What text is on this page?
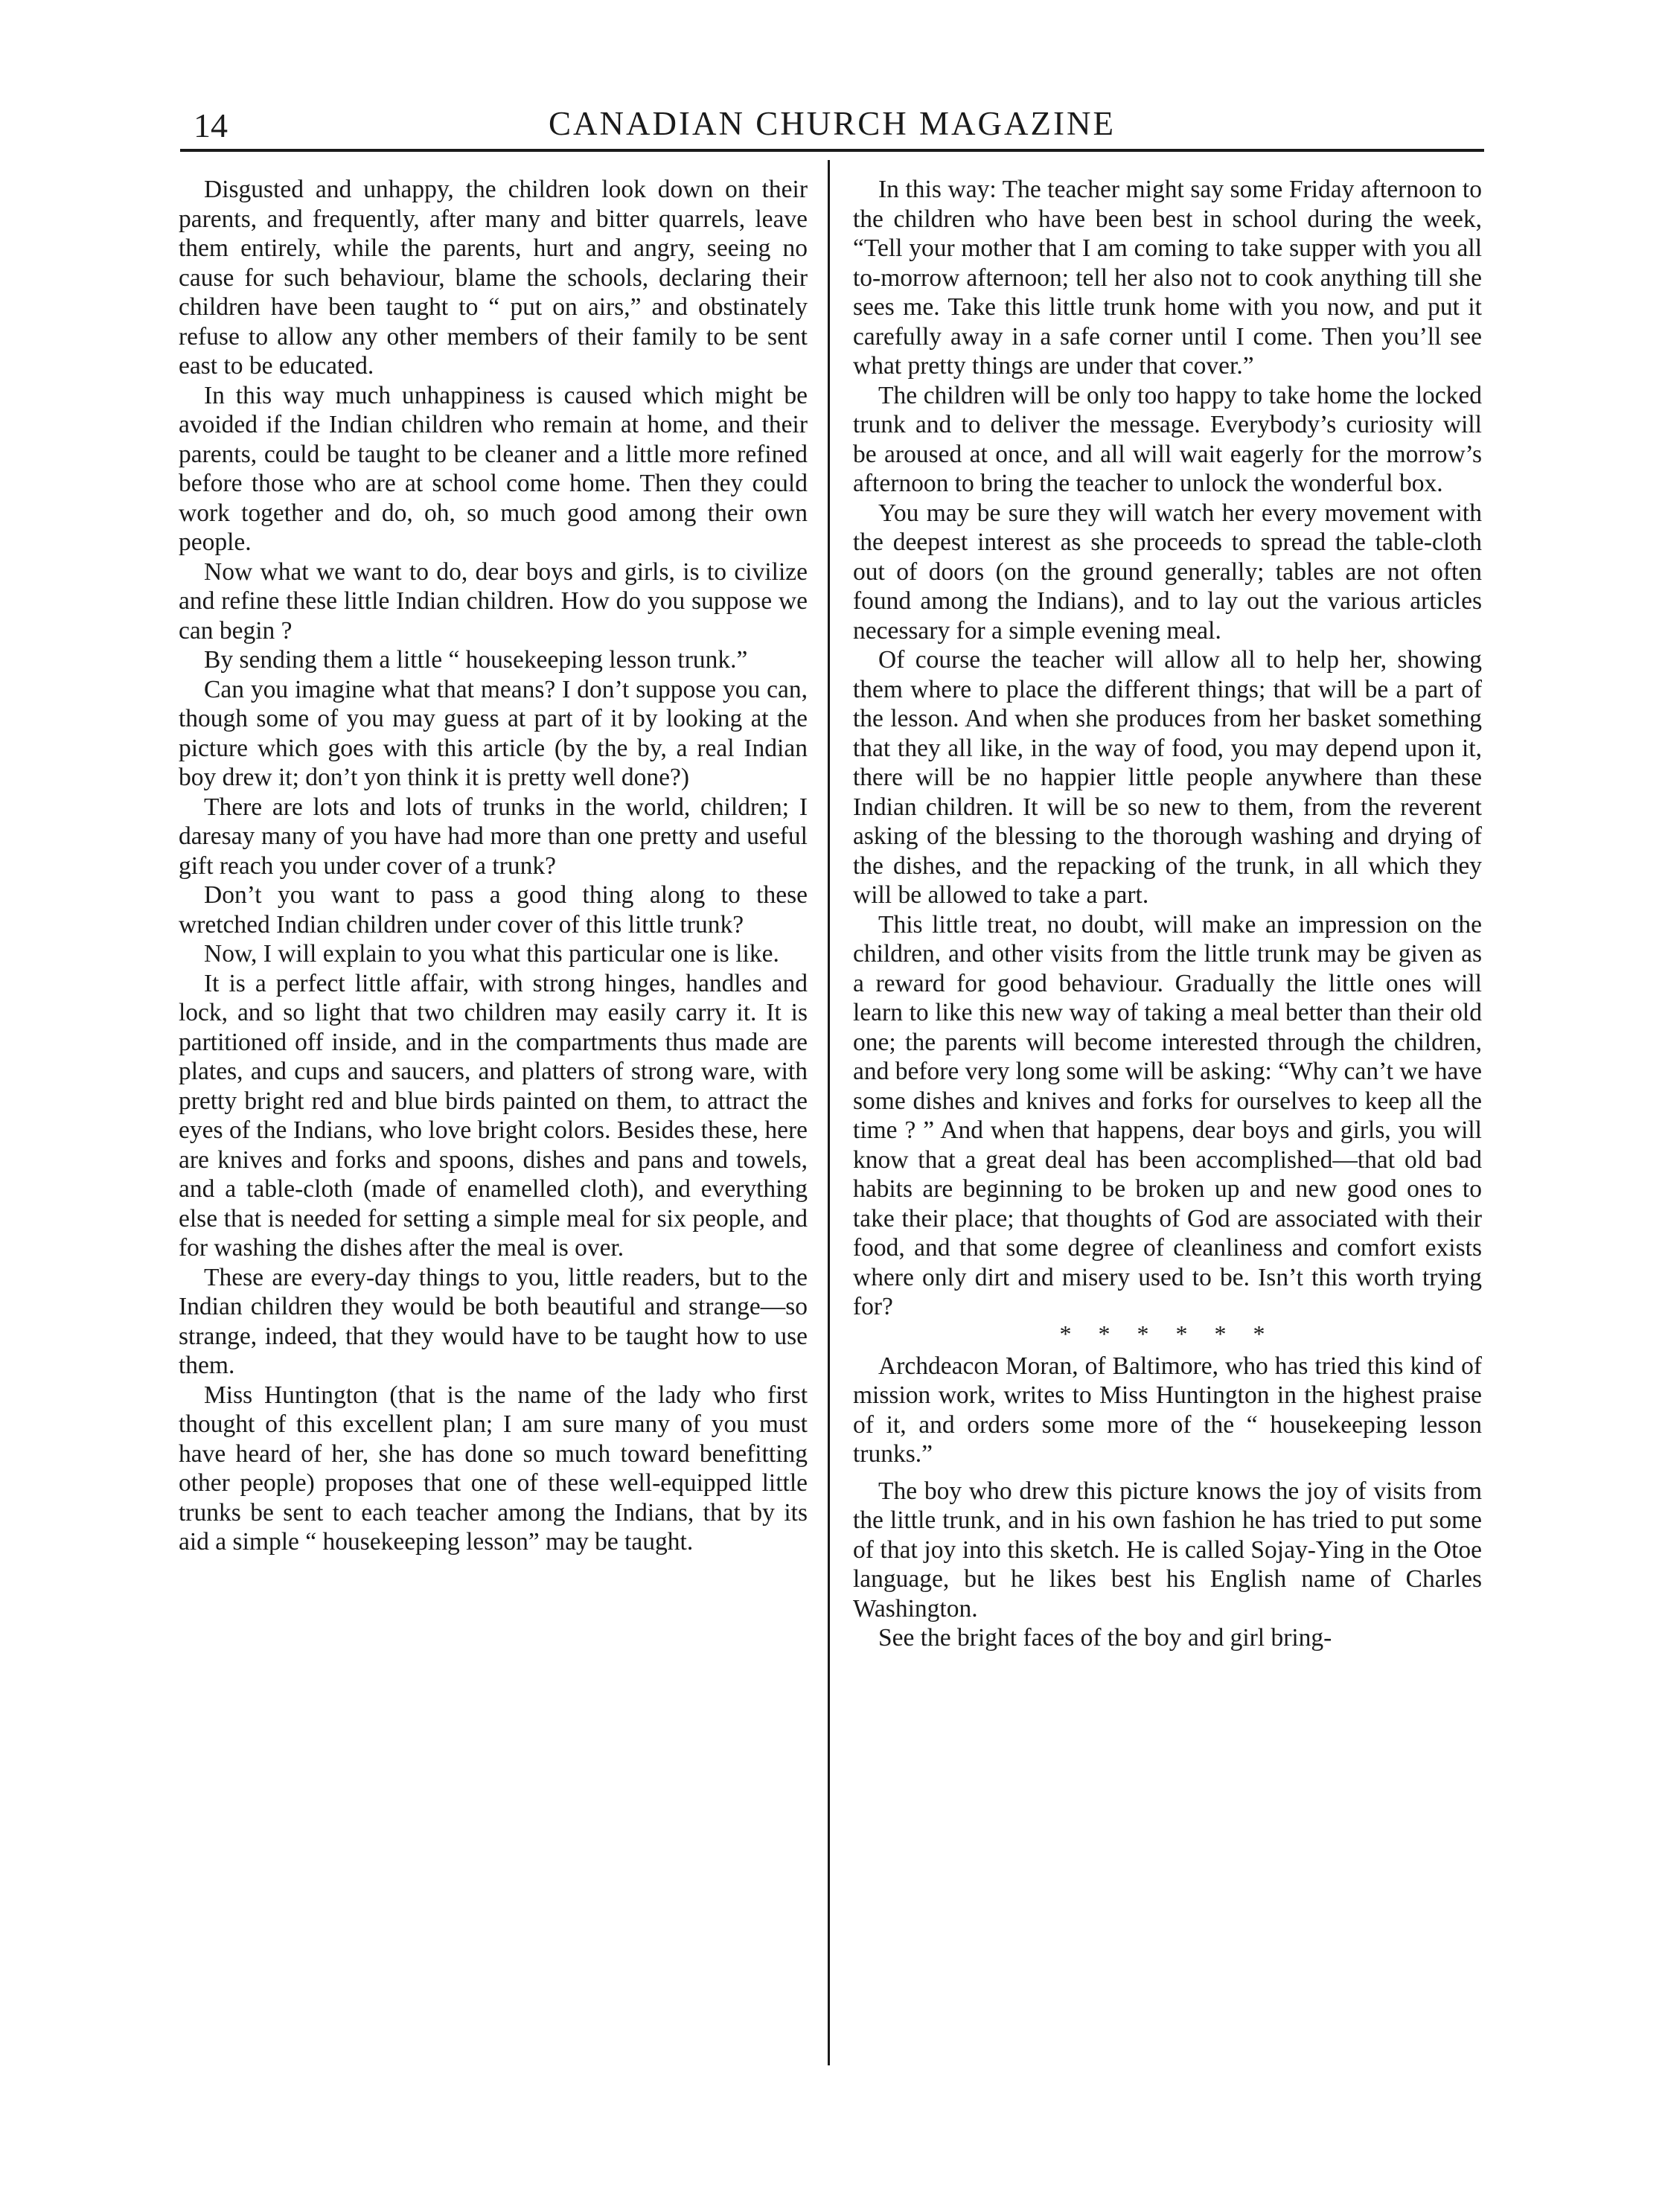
14	CANADIAN CHURCH MAGAZINE

Disgusted and unhappy, the children look down on their parents, and frequently, after many and bitter quarrels, leave them entirely, while the parents, hurt and angry, seeing no cause for such behaviour, blame the schools, declaring their children have been taught to “ put on airs,” and obstinately refuse to allow any other members of their family to be sent east to be educated.

In this way much unhappiness is caused which might be avoided if the Indian children who remain at home, and their parents, could be taught to be cleaner and a little more refined before those who are at school come home. Then they could work together and do, oh, so much good among their own people.

Now what we want to do, dear boys and girls, is to civilize and refine these little Indian children. How do you suppose we can begin ?

By sending them a little “ housekeeping lesson trunk.”

Can you imagine what that means? I don’t suppose you can, though some of you may guess at part of it by looking at the picture which goes with this article (by the by, a real Indian boy drew it; don’t yon think it is pretty well done?)

There are lots and lots of trunks in the world, children; I daresay many of you have had more than one pretty and useful gift reach you under cover of a trunk?

Don’t you want to pass a good thing along to these wretched Indian children under cover of this little trunk?

Now, I will explain to you what this particular one is like.

It is a perfect little affair, with strong hinges, handles and lock, and so light that two children may easily carry it. It is partitioned off inside, and in the compartments thus made are plates, and cups and saucers, and platters of strong ware, with pretty bright red and blue birds painted on them, to attract the eyes of the Indians, who love bright colors. Besides these, here are knives and forks and spoons, dishes and pans and towels, and a table-cloth (made of enamelled cloth), and everything else that is needed for setting a simple meal for six people, and for washing the dishes after the meal is over.

These are every-day things to you, little readers, but to the Indian children they would be both beautiful and strange—so strange, indeed, that they would have to be taught how to use them.

Miss Huntington (that is the name of the lady who first thought of this excellent plan; I am sure many of you must have heard of her, she has done so much toward benefitting other people) proposes that one of these well-equipped little trunks be sent to each teacher among the Indians, that by its aid a simple “ housekeeping lesson” may be taught.

In this way: The teacher might say some Friday afternoon to the children who have been best in school during the week, “Tell your mother that I am coming to take supper with you all to-morrow afternoon; tell her also not to cook anything till she sees me. Take this little trunk home with you now, and put it carefully away in a safe corner until I come. Then you’ll see what pretty things are under that cover.”

The children will be only too happy to take home the locked trunk and to deliver the message. Everybody’s curiosity will be aroused at once, and all will wait eagerly for the morrow’s afternoon to bring the teacher to unlock the wonderful box.

You may be sure they will watch her every movement with the deepest interest as she proceeds to spread the table-cloth out of doors (on the ground generally; tables are not often found among the Indians), and to lay out the various articles necessary for a simple evening meal.

Of course the teacher will allow all to help her, showing them where to place the different things; that will be a part of the lesson. And when she produces from her basket something that they all like, in the way of food, you may depend upon it, there will be no happier little people anywhere than these Indian children. It will be so new to them, from the reverent asking of the blessing to the thorough washing and drying of the dishes, and the repacking of the trunk, in all which they will be allowed to take a part.

This little treat, no doubt, will make an impression on the children, and other visits from the little trunk may be given as a reward for good behaviour. Gradually the little ones will learn to like this new way of taking a meal better than their old one; the parents will become interested through the children, and before very long some will be asking: “Why can’t we have some dishes and knives and forks for ourselves to keep all the time ? ” And when that happens, dear boys and girls, you will know that a great deal has been accomplished—that old bad habits are beginning to be broken up and new good ones to take their place; that thoughts of God are associated with their food, and that some degree of cleanliness and comfort exists where only dirt and misery used to be. Isn’t this worth trying for?

* * * * * *

Archdeacon Moran, of Baltimore, who has tried this kind of mission work, writes to Miss Huntington in the highest praise of it, and orders some more of the “ housekeeping lesson trunks.”

The boy who drew this picture knows the joy of visits from the little trunk, and in his own fashion he has tried to put some of that joy into this sketch. He is called Sojay-Ying in the Otoe language, but he likes best his English name of Charles Washington.

See the bright faces of the boy and girl bring-
